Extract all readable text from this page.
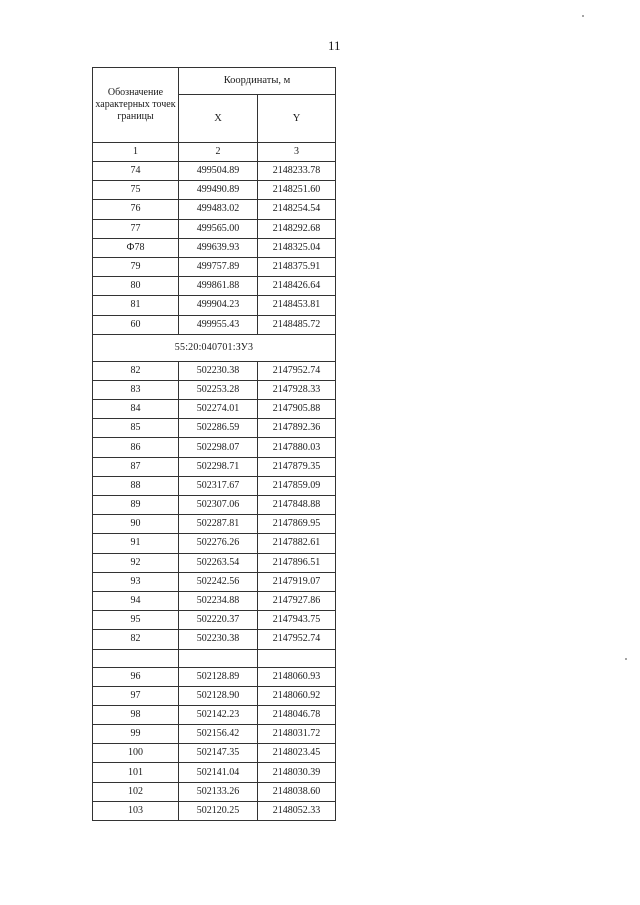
11
Обозначение характерных точек границы	Координаты, м	
	X	Y
1	2	3
74	499504.89	2148233.78
75	499490.89	2148251.60
76	499483.02	2148254.54
77	499565.00	2148292.68
Ф78	499639.93	2148325.04
79	499757.89	2148375.91
80	499861.88	2148426.64
81	499904.23	2148453.81
60	499955.43	2148485.72
55:20:040701:ЗУ3		
82	502230.38	2147952.74
83	502253.28	2147928.33
84	502274.01	2147905.88
85	502286.59	2147892.36
86	502298.07	2147880.03
87	502298.71	2147879.35
88	502317.67	2147859.09
89	502307.06	2147848.88
90	502287.81	2147869.95
91	502276.26	2147882.61
92	502263.54	2147896.51
93	502242.56	2147919.07
94	502234.88	2147927.86
95	502220.37	2147943.75
82	502230.38	2147952.74

96	502128.89	2148060.93
97	502128.90	2148060.92
98	502142.23	2148046.78
99	502156.42	2148031.72
100	502147.35	2148023.45
101	502141.04	2148030.39
102	502133.26	2148038.60
103	502120.25	2148052.33
